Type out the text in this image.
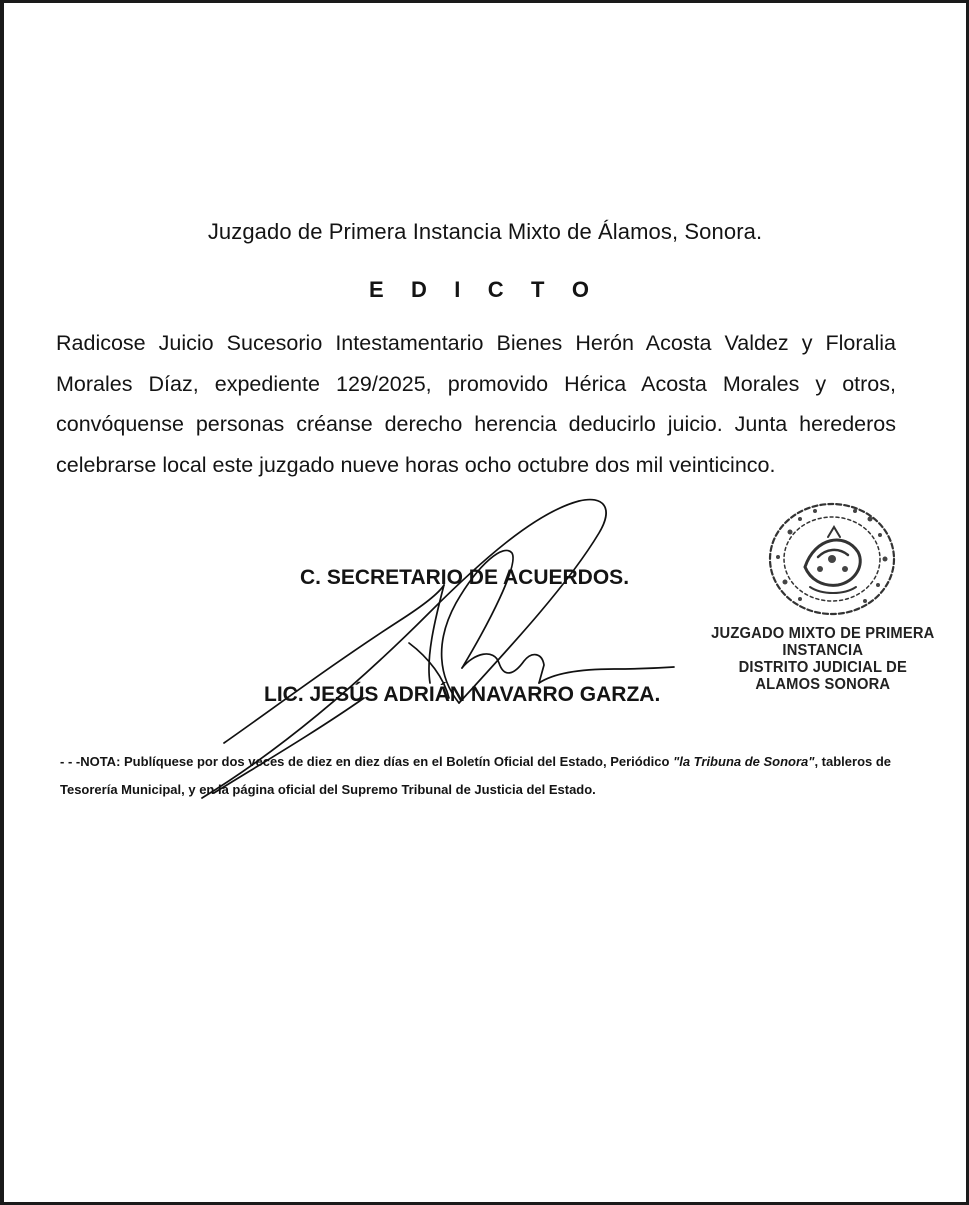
Juzgado de Primera Instancia Mixto de Álamos, Sonora.
E D I C T O
Radicose Juicio Sucesorio Intestamentario Bienes Herón Acosta Valdez y Floralia Morales Díaz, expediente 129/2025, promovido Hérica Acosta Morales y otros, convóquense personas créanse derecho herencia deducirlo juicio. Junta herederos celebrarse local este juzgado nueve horas ocho octubre dos mil veinticinco.
C. SECRETARIO DE ACUERDOS.
LIC. JESÚS ADRIÁN NAVARRO GARZA.
- - -NOTA: Publíquese por dos veces de diez en diez días en el Boletín Oficial del Estado, Periódico "la Tribuna de Sonora", tableros de Tesorería Municipal, y en la página oficial del Supremo Tribunal de Justicia del Estado.
JUZGADO MIXTO DE PRIMERA
INSTANCIA
DISTRITO JUDICIAL DE
ALAMOS SONORA
